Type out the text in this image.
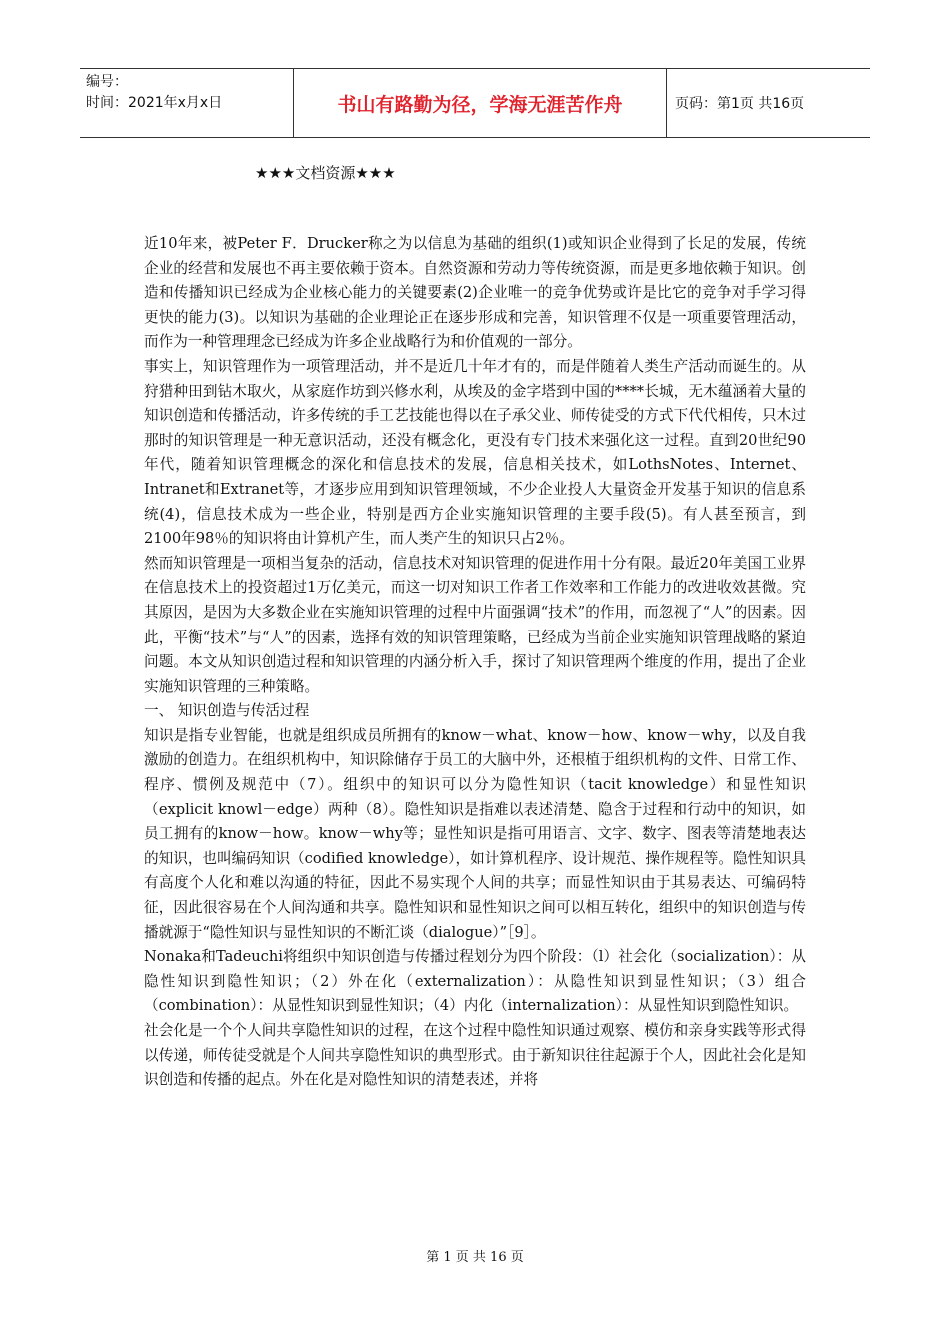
编号：
时间：2021年x月x日	书山有路勤为径，学海无涯苦作舟	页码：第1页 共16页
★★★文档资源★★★

近10年来，被Peter F．Drucker称之为以信息为基础的组织(1)或知识企业得到了长足的发展，传统企业的经营和发展也不再主要依赖于资本。自然资源和劳动力等传统资源，而是更多地依赖于知识。创造和传播知识已经成为企业核心能力的关键要素(2)企业唯一的竞争优势或许是比它的竞争对手学习得更快的能力(3)。以知识为基础的企业理论正在逐步形成和完善，知识管理不仅是一项重要管理活动，而作为一种管理理念已经成为许多企业战略行为和价值观的一部分。

事实上，知识管理作为一项管理活动，并不是近几十年才有的，而是伴随着人类生产活动而诞生的。从狩猎种田到钻木取火，从家庭作坊到兴修水利，从埃及的金字塔到中国的****长城，无木蕴涵着大量的知识创造和传播活动，许多传统的手工艺技能也得以在子承父业、师传徒受的方式下代代相传，只木过那时的知识管理是一种无意识活动，还没有概念化，更没有专门技术来强化这一过程。直到20世纪90年代，随着知识管理概念的深化和信息技术的发展，信息相关技术，如LothsNotes、Internet、Intranet和Extranet等，才逐步应用到知识管理领域，不少企业投人大量资金开发基于知识的信息系统(4)，信息技术成为一些企业，特别是西方企业实施知识管理的主要手段(5)。有人甚至预言，到2100年98％的知识将由计算机产生，而人类产生的知识只占2％。

然而知识管理是一项相当复杂的活动，信息技术对知识管理的促进作用十分有限。最近20年美国工业界在信息技术上的投资超过1万亿美元，而这一切对知识工作者工作效率和工作能力的改进收效甚微。究其原因，是因为大多数企业在实施知识管理的过程中片面强调“技术”的作用，而忽视了“人”的因素。因此，平衡“技术”与“人”的因素，选择有效的知识管理策略，已经成为当前企业实施知识管理战略的紧迫问题。本文从知识创造过程和知识管理的内涵分析入手，探讨了知识管理两个维度的作用，提出了企业实施知识管理的三种策略。

一、 知识创造与传活过程

知识是指专业智能，也就是组织成员所拥有的know－what、know－how、know－why，以及自我激励的创造力。在组织机构中，知识除储存于员工的大脑中外，还根植于组织机构的文件、日常工作、程序、惯例及规范中（7）。组织中的知识可以分为隐性知识（tacit knowledge）和显性知识（explicit knowl－edge）两种（8）。隐性知识是指难以表述清楚、隐含于过程和行动中的知识，如员工拥有的know－how。know－why等；显性知识是指可用语言、文字、数字、图表等清楚地表达的知识，也叫编码知识（codified knowledge），如计算机程序、设计规范、操作规程等。隐性知识具有高度个人化和难以沟通的特征，因此不易实现个人间的共享；而显性知识由于其易表达、可编码特征，因此很容易在个人间沟通和共享。隐性知识和显性知识之间可以相互转化，组织中的知识创造与传播就源于“隐性知识与显性知识的不断汇谈（dialogue）”［9］。

Nonaka和Tadeuchi将组织中知识创造与传播过程划分为四个阶段：（l）社会化（socialization）：从隐性知识到隐性知识；（2）外在化（externalization）：从隐性知识到显性知识；（3）组合（combination）：从显性知识到显性知识；（4）内化（internalization）：从显性知识到隐性知识。

社会化是一个个人间共享隐性知识的过程，在这个过程中隐性知识通过观察、模仿和亲身实践等形式得以传递，师传徒受就是个人间共享隐性知识的典型形式。由于新知识往往起源于个人，因此社会化是知识创造和传播的起点。外在化是对隐性知识的清楚表述，并将

第 1 页 共 16 页
